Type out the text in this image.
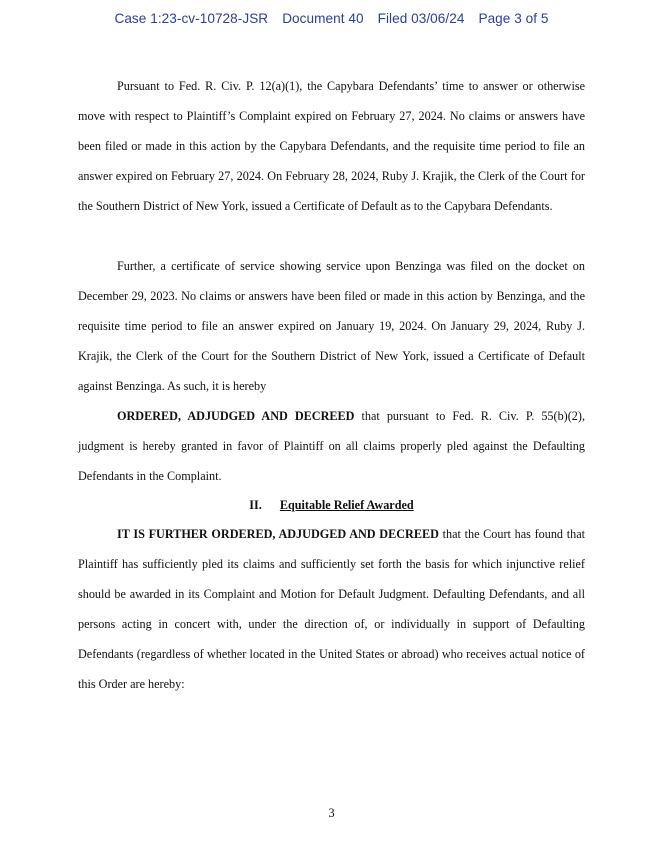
Case 1:23-cv-10728-JSR Document 40 Filed 03/06/24 Page 3 of 5

Pursuant to Fed. R. Civ. P. 12(a)(1), the Capybara Defendants’ time to answer or otherwise move with respect to Plaintiff’s Complaint expired on February 27, 2024. No claims or answers have been filed or made in this action by the Capybara Defendants, and the requisite time period to file an answer expired on February 27, 2024. On February 28, 2024, Ruby J. Krajik, the Clerk of the Court for the Southern District of New York, issued a Certificate of Default as to the Capybara Defendants.

Further, a certificate of service showing service upon Benzinga was filed on the docket on December 29, 2023. No claims or answers have been filed or made in this action by Benzinga, and the requisite time period to file an answer expired on January 19, 2024. On January 29, 2024, Ruby J. Krajik, the Clerk of the Court for the Southern District of New York, issued a Certificate of Default against Benzinga. As such, it is hereby

ORDERED, ADJUDGED AND DECREED that pursuant to Fed. R. Civ. P. 55(b)(2), judgment is hereby granted in favor of Plaintiff on all claims properly pled against the Defaulting Defendants in the Complaint.

II. Equitable Relief Awarded

IT IS FURTHER ORDERED, ADJUDGED AND DECREED that the Court has found that Plaintiff has sufficiently pled its claims and sufficiently set forth the basis for which injunctive relief should be awarded in its Complaint and Motion for Default Judgment. Defaulting Defendants, and all persons acting in concert with, under the direction of, or individually in support of Defaulting Defendants (regardless of whether located in the United States or abroad) who receives actual notice of this Order are hereby:

3
